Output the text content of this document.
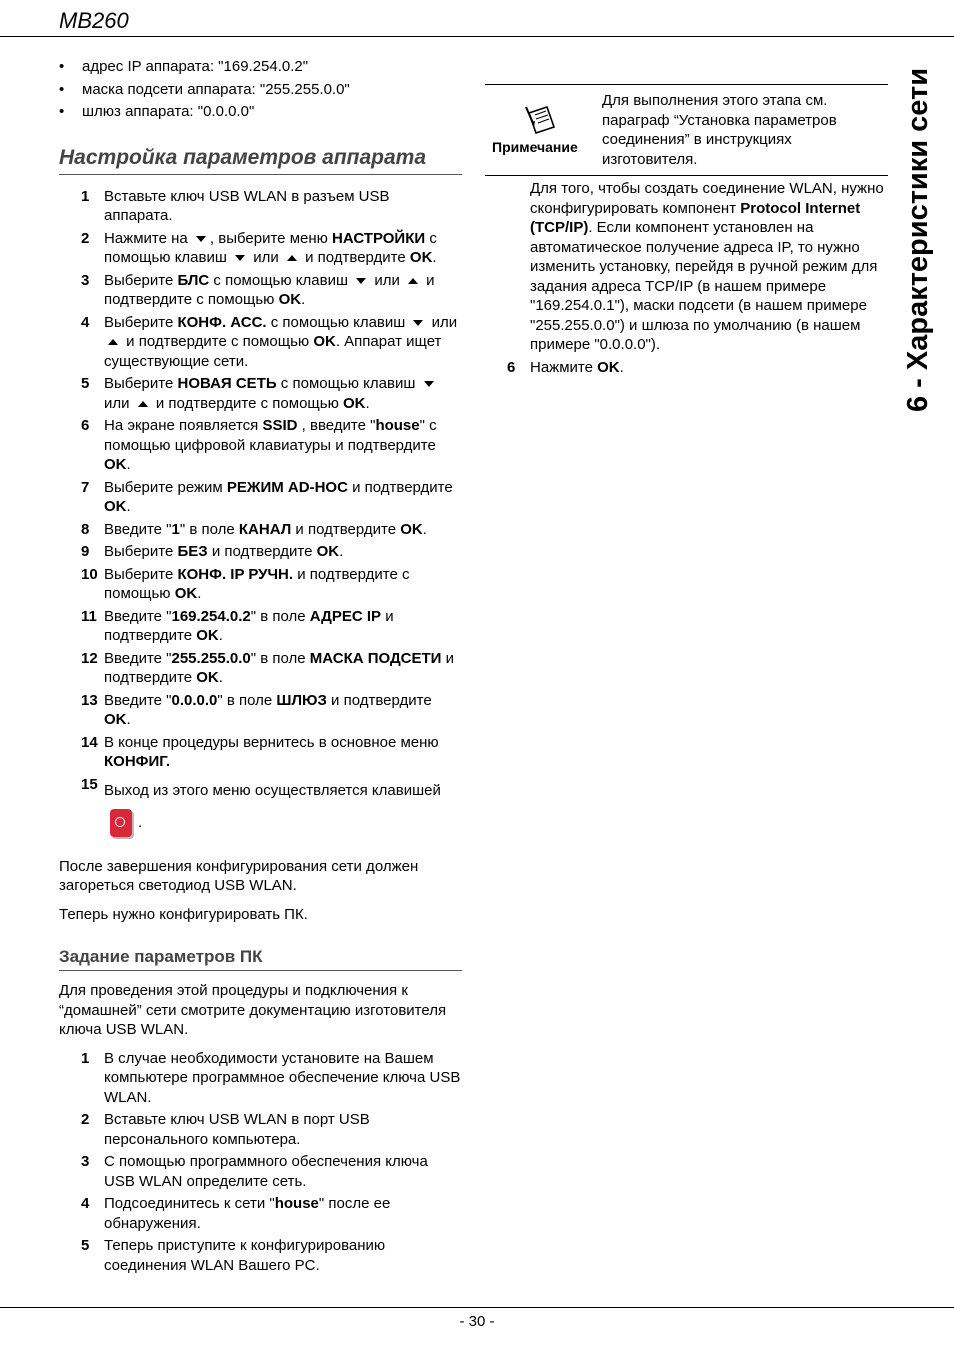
MB260
6 - Характеристики сети
• адрес IP аппарата: "169.254.0.2"
• маска подсети аппарата: "255.255.0.0"
• шлюз аппарата: "0.0.0.0"
Настройка параметров аппарата
1 Вставьте ключ USB WLAN в разъем USB аппарата.
2 Нажмите на , выберите меню НАСТРОЙКИ с помощью клавиш  или  и подтвердите OK.
3 Выберите БЛС с помощью клавиш  или  и подтвердите с помощью OK.
4 Выберите КОНФ. АСС. с помощью клавиш  или  и подтвердите с помощью OK. Аппарат ищет существующие сети.
5 Выберите НОВАЯ СЕТЬ с помощью клавиш  или  и подтвердите с помощью OK.
6 На экране появляется SSID , введите "house" с помощью цифровой клавиатуры и подтвердите OK.
7 Выберите режим РЕЖИМ AD-HOC и подтвердите OK.
8 Введите "1" в поле КАНАЛ и подтвердите OK.
9 Выберите БЕЗ и подтвердите OK.
10 Выберите КОНФ. IP РУЧН. и подтвердите с помощью OK.
11 Введите "169.254.0.2" в поле АДРЕС IP и подтвердите OK.
12 Введите "255.255.0.0" в поле МАСКА ПОДСЕТИ и подтвердите OK.
13 Введите "0.0.0.0" в поле ШЛЮЗ и подтвердите OK.
14 В конце процедуры вернитесь в основное меню КОНФИГ.
15 Выход из этого меню осуществляется клавишей
.

После завершения конфигурирования сети должен загореться светодиод USB WLAN.

Теперь нужно конфигурировать ПК.

Задание параметров ПК

Для проведения этой процедуры и подключения к “домашней” сети смотрите документацию изготовителя ключа USB WLAN.

1 В случае необходимости установите на Вашем компьютере программное обеспечение ключа USB WLAN.
2 Вставьте ключ USB WLAN в порт USB персонального компьютера.
3 С помощью программного обеспечения ключа USB WLAN определите сеть.
4 Подсоединитесь к сети "house" после ее обнаружения.
5 Теперь приступите к конфигурированию соединения WLAN Вашего PC.
Примечание
Для выполнения этого этапа см. параграф “Установка параметров соединения” в инструкциях изготовителя.

Для того, чтобы создать соединение WLAN, нужно сконфигурировать компонент Protocol Internet (TCP/IP). Если компонент установлен на автоматическое получение адреса IP, то нужно изменить установку, перейдя в ручной режим для задания адреса TCP/IP (в нашем примере "169.254.0.1"), маски подсети (в нашем примере "255.255.0.0") и шлюза по умолчанию (в нашем примере "0.0.0.0").

6 Нажмите OK.
- 30 -
